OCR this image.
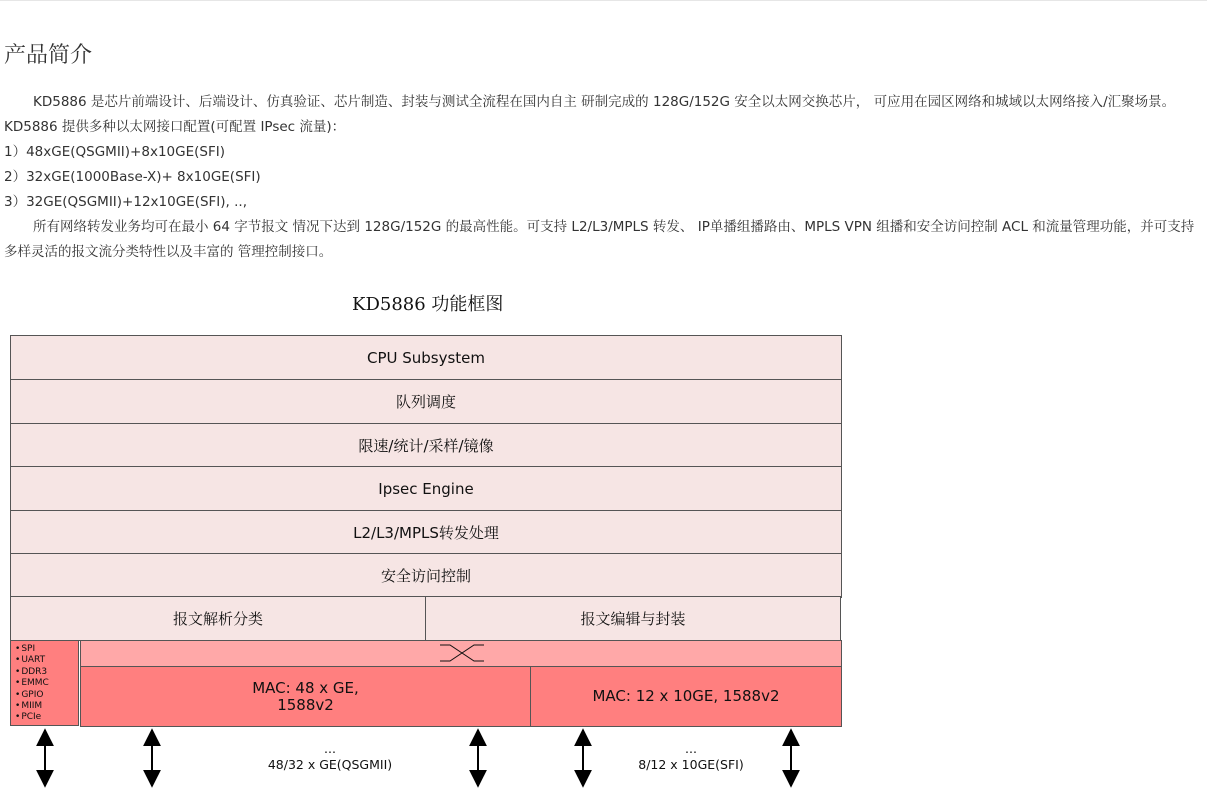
产品简介

KD5886 是芯片前端设计、后端设计、仿真验证、芯片制造、封装与测试全流程在国内自主 研制完成的 128G/152G 安全以太网交换芯片， 可应用在园区网络和城域以太网络接入/汇聚场景。KD5886 提供多种以太网接口配置(可配置 IPsec 流量)：

1）48xGE(QSGMII)+8x10GE(SFI)

2）32xGE(1000Base-X)+ 8x10GE(SFI)

3）32GE(QSGMII)+12x10GE(SFI), ..,

所有网络转发业务均可在最小 64 字节报文 情况下达到 128G/152G 的最高性能。可支持 L2/L3/MPLS 转发、 IP单播组播路由、MPLS VPN 组播和安全访问控制 ACL 和流量管理功能，并可支持多样灵活的报文流分类特性以及丰富的 管理控制接口。

KD5886 功能框图
CPU Subsystem
队列调度
限速/统计/采样/镜像
Ipsec Engine
L2/L3/MPLS转发处理
安全访问控制
报文解析分类	报文编辑与封装
• SPI
• UART
• DDR3
• EMMC
• GPIO
• MIIM
• PCIe
MAC: 48 x GE,
1588v2	MAC: 12 x 10GE, 1588v2
...
48/32 x GE(QSGMII)
...
8/12 x 10GE(SFI)
